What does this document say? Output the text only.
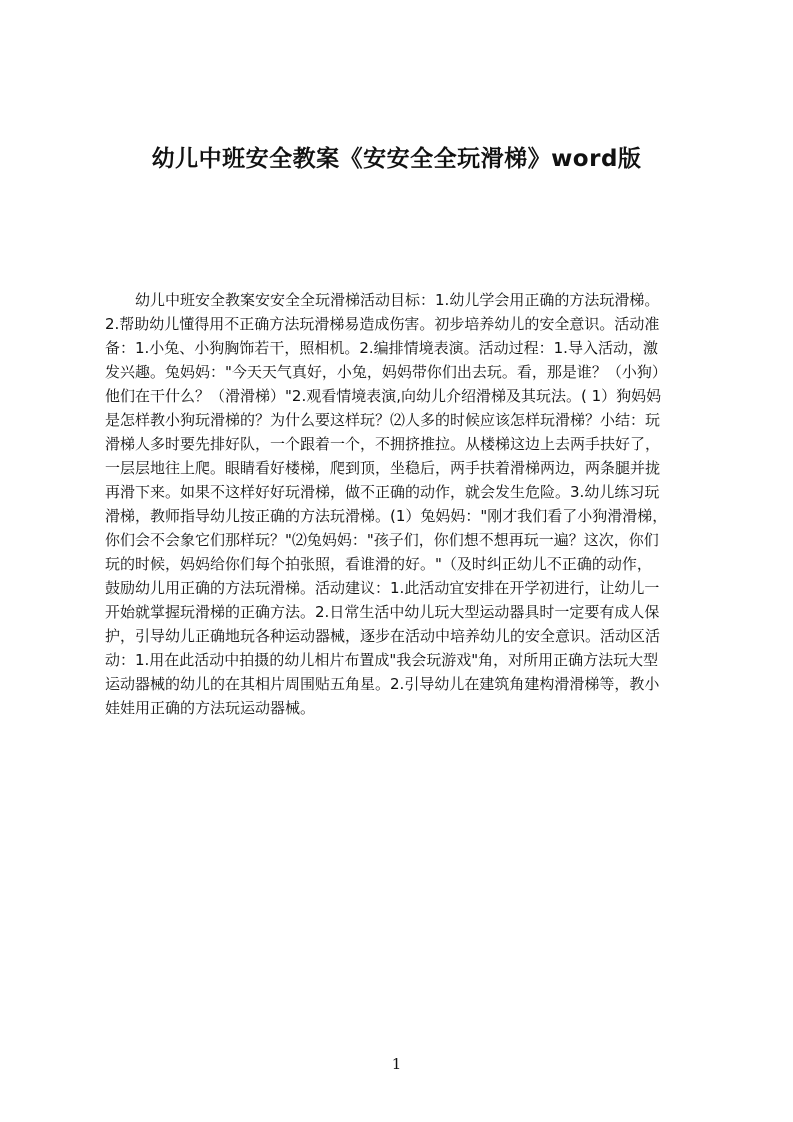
幼儿中班安全教案《安安全全玩滑梯》word版

　　幼儿中班安全教案安安全全玩滑梯活动目标：1.幼儿学会用正确的方法玩滑梯。

2.帮助幼儿懂得用不正确方法玩滑梯易造成伤害。初步培养幼儿的安全意识。活动准

备：1.小兔、小狗胸饰若干，照相机。2.编排情境表演。活动过程：1.导入活动，激

发兴趣。兔妈妈："今天天气真好，小兔，妈妈带你们出去玩。看，那是谁？（小狗）

他们在干什么？（滑滑梯）"2.观看情境表演,向幼儿介绍滑梯及其玩法。( 1）狗妈妈

是怎样教小狗玩滑梯的？为什么要这样玩？⑵人多的时候应该怎样玩滑梯？小结：玩

滑梯人多时要先排好队，一个跟着一个，不拥挤推拉。从楼梯这边上去两手扶好了，

一层层地往上爬。眼睛看好楼梯，爬到顶，坐稳后，两手扶着滑梯两边，两条腿并拢

再滑下来。如果不这样好好玩滑梯，做不正确的动作，就会发生危险。3.幼儿练习玩

滑梯，教师指导幼儿按正确的方法玩滑梯。(1）兔妈妈："刚才我们看了小狗滑滑梯，

你们会不会象它们那样玩？"⑵兔妈妈："孩子们，你们想不想再玩一遍？这次，你们

玩的时候，妈妈给你们每个拍张照，看谁滑的好。"（及时纠正幼儿不正确的动作，

鼓励幼儿用正确的方法玩滑梯。活动建议：1.此活动宜安排在开学初进行，让幼儿一

开始就掌握玩滑梯的正确方法。2.日常生活中幼儿玩大型运动器具时一定要有成人保

护，引导幼儿正确地玩各种运动器械，逐步在活动中培养幼儿的安全意识。活动区活

动：1.用在此活动中拍摄的幼儿相片布置成"我会玩游戏"角，对所用正确方法玩大型

运动器械的幼儿的在其相片周围贴五角星。2.引导幼儿在建筑角建构滑滑梯等，教小

娃娃用正确的方法玩运动器械。

1
